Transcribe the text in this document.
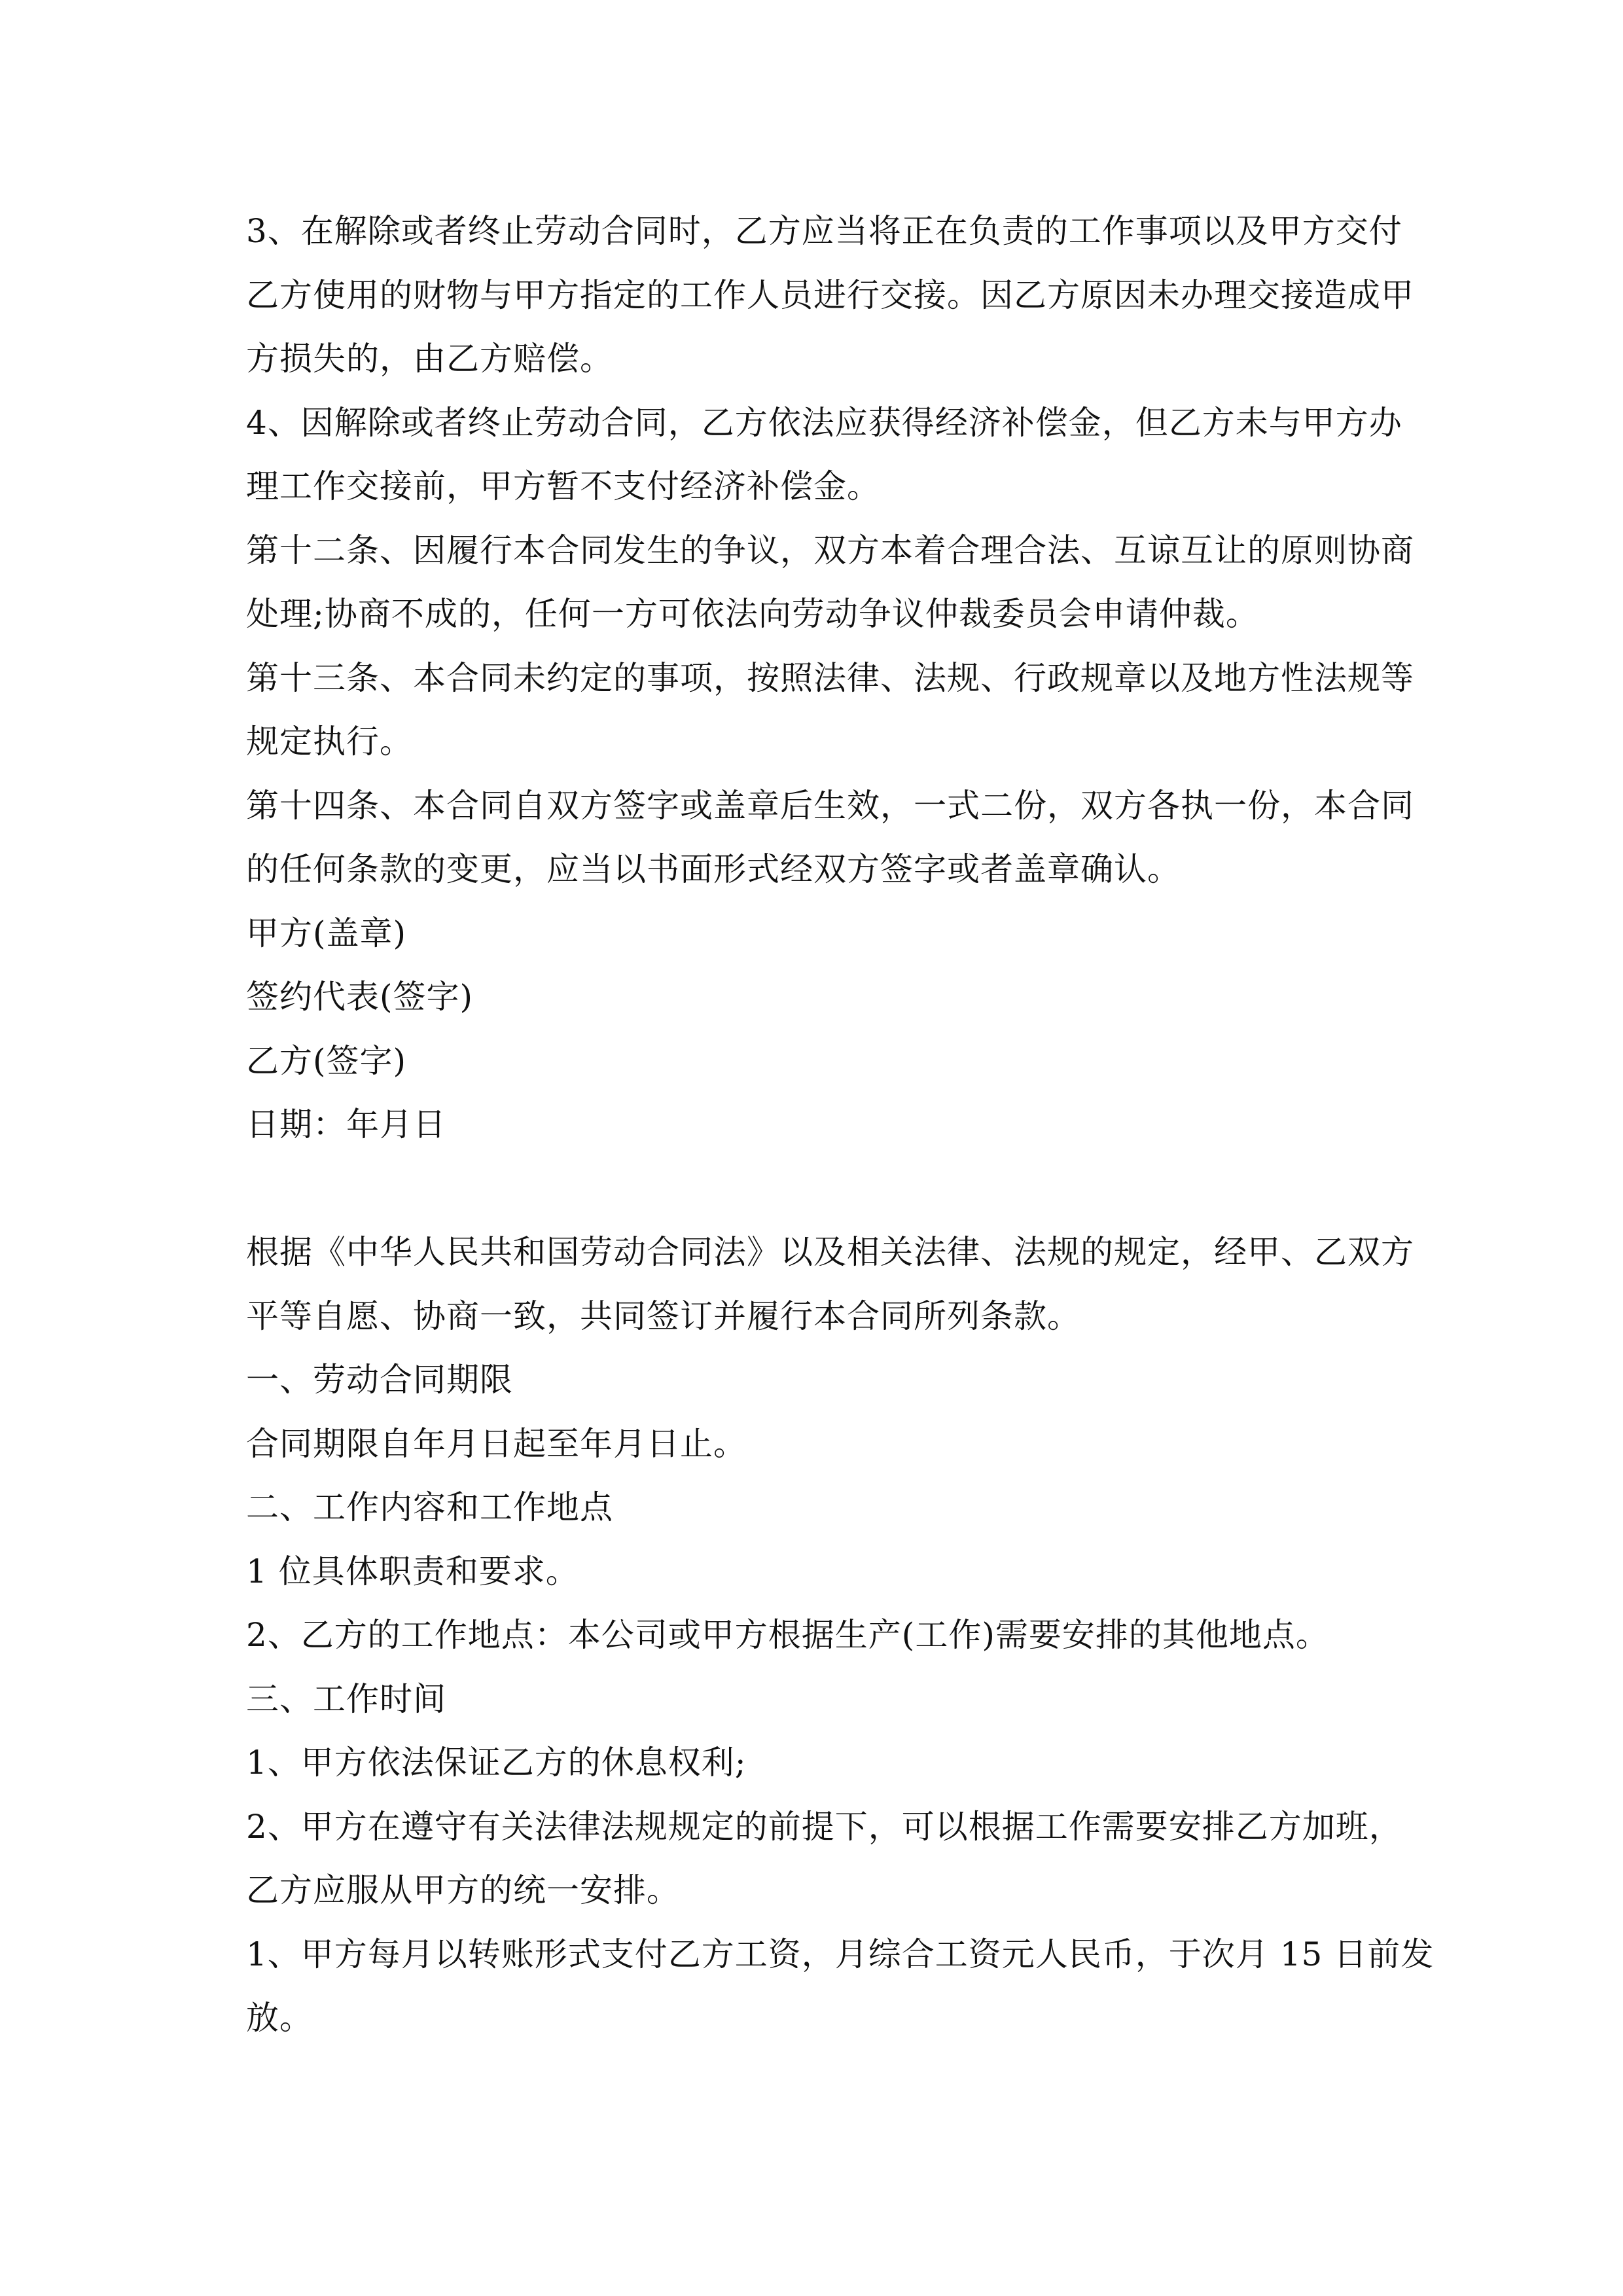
3、在解除或者终止劳动合同时，乙方应当将正在负责的工作事项以及甲方交付
乙方使用的财物与甲方指定的工作人员进行交接。因乙方原因未办理交接造成甲
方损失的，由乙方赔偿。
4、因解除或者终止劳动合同，乙方依法应获得经济补偿金，但乙方未与甲方办
理工作交接前，甲方暂不支付经济补偿金。
第十二条、因履行本合同发生的争议，双方本着合理合法、互谅互让的原则协商
处理;协商不成的，任何一方可依法向劳动争议仲裁委员会申请仲裁。
第十三条、本合同未约定的事项，按照法律、法规、行政规章以及地方性法规等
规定执行。
第十四条、本合同自双方签字或盖章后生效，一式二份，双方各执一份，本合同
的任何条款的变更，应当以书面形式经双方签字或者盖章确认。
甲方(盖章)
签约代表(签字)
乙方(签字)
日期：年月日
根据《中华人民共和国劳动合同法》以及相关法律、法规的规定，经甲、乙双方
平等自愿、协商一致，共同签订并履行本合同所列条款。
一、劳动合同期限
合同期限自年月日起至年月日止。
二、工作内容和工作地点
1 位具体职责和要求。
2、乙方的工作地点：本公司或甲方根据生产(工作)需要安排的其他地点。
三、工作时间
1、甲方依法保证乙方的休息权利;
2、甲方在遵守有关法律法规规定的前提下，可以根据工作需要安排乙方加班，
乙方应服从甲方的统一安排。
1、甲方每月以转账形式支付乙方工资，月综合工资元人民币，于次月 15 日前发
放。
